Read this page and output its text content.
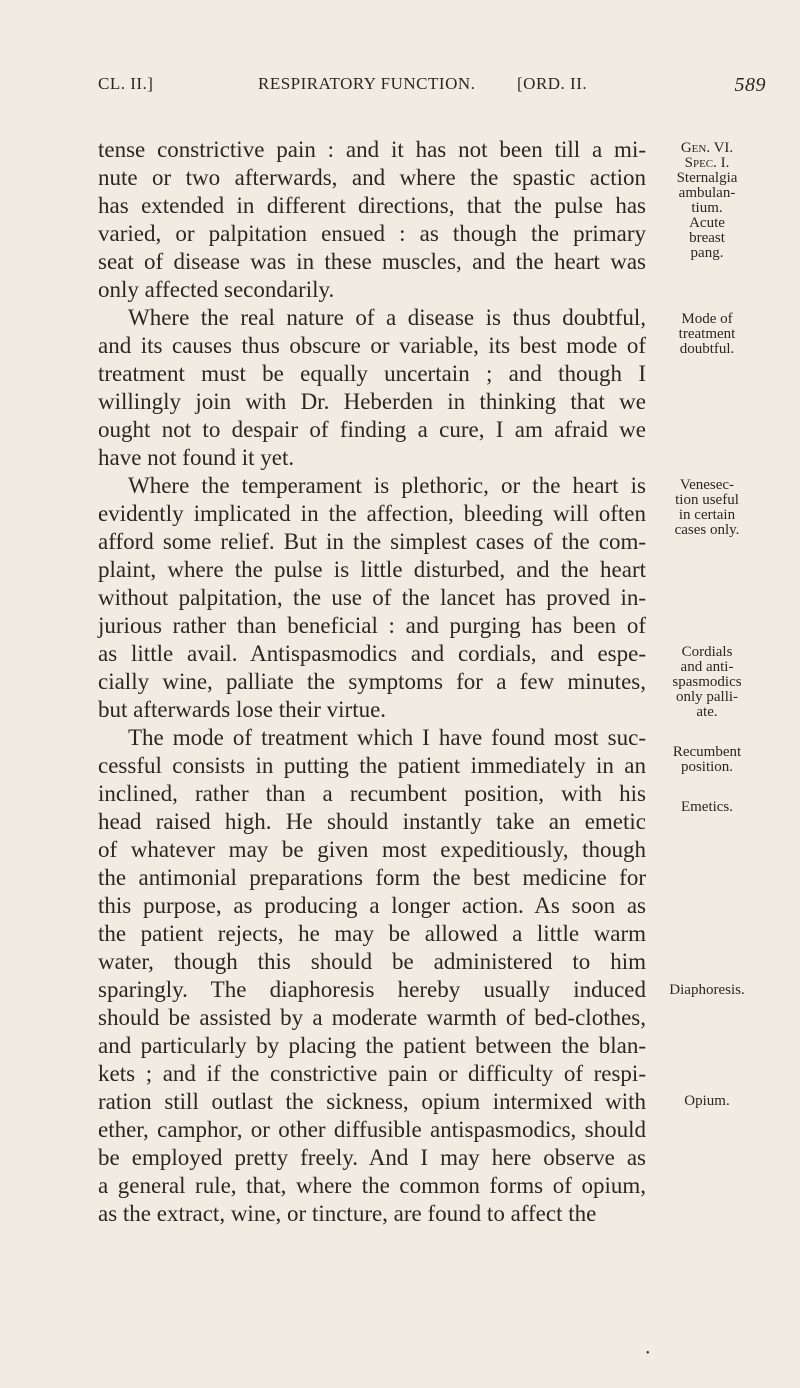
CL. II.]	RESPIRATORY FUNCTION. [ORD. II.	589
tense constrictive pain : and it has not been till a mi-
nute or two afterwards, and where the spastic action
has extended in different directions, that the pulse has
varied, or palpitation ensued : as though the primary
seat of disease was in these muscles, and the heart was
only affected secondarily.
Where the real nature of a disease is thus doubtful,
and its causes thus obscure or variable, its best mode of
treatment must be equally uncertain ; and though I
willingly join with Dr. Heberden in thinking that we
ought not to despair of finding a cure, I am afraid we
have not found it yet.
Where the temperament is plethoric, or the heart is
evidently implicated in the affection, bleeding will often
afford some relief. But in the simplest cases of the com-
plaint, where the pulse is little disturbed, and the heart
without palpitation, the use of the lancet has proved in-
jurious rather than beneficial : and purging has been of
as little avail. Antispasmodics and cordials, and espe-
cially wine, palliate the symptoms for a few minutes,
but afterwards lose their virtue.
The mode of treatment which I have found most suc-
cessful consists in putting the patient immediately in an
inclined, rather than a recumbent position, with his
head raised high. He should instantly take an emetic
of whatever may be given most expeditiously, though
the antimonial preparations form the best medicine for
this purpose, as producing a longer action. As soon as
the patient rejects, he may be allowed a little warm
water, though this should be administered to him
sparingly. The diaphoresis hereby usually induced
should be assisted by a moderate warmth of bed-clothes,
and particularly by placing the patient between the blan-
kets ; and if the constrictive pain or difficulty of respi-
ration still outlast the sickness, opium intermixed with
ether, camphor, or other diffusible antispasmodics, should
be employed pretty freely. And I may here observe as
a general rule, that, where the common forms of opium,
as the extract, wine, or tincture, are found to affect the
Gen. VI.
Spec. I.
Sternalgia
ambulan-
tium.
Acute
breast
pang.
Mode of
treatment
doubtful.
Venesec-
tion useful
in certain
cases only.
Cordials
and anti-
spasmodics
only palli-
ate.
Recumbent
position.
Emetics.
Diaphoresis.
Opium.
•
